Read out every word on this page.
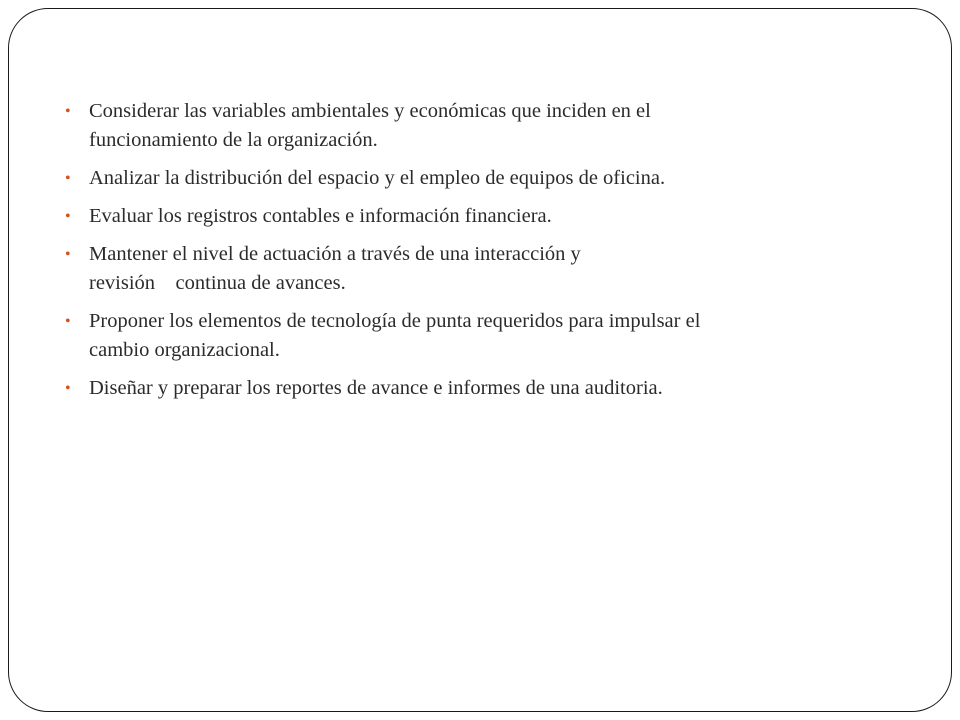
• Considerar las variables ambientales y económicas que inciden en el
funcionamiento de la organización.
• Analizar la distribución del espacio y el empleo de equipos de oficina.
• Evaluar los registros contables e información financiera.
• Mantener el nivel de actuación a través de una interacción y
revisión    continua de avances.
• Proponer los elementos de tecnología de punta requeridos para impulsar el
cambio organizacional.
• Diseñar y preparar los reportes de avance e informes de una auditoria.
